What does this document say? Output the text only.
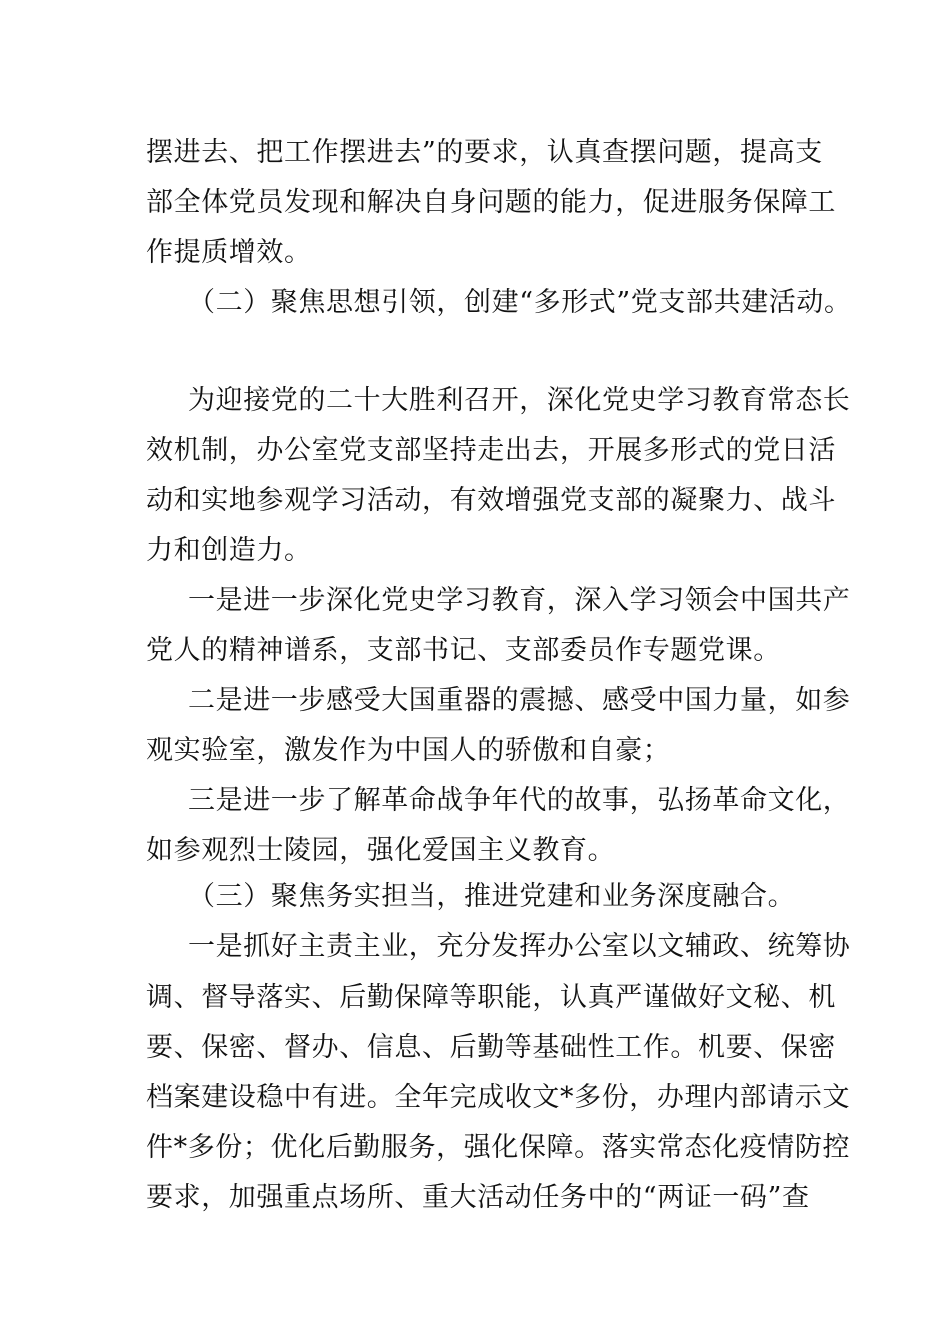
摆进去、把工作摆进去”的要求，认真查摆问题，提高支
部全体党员发现和解决自身问题的能力，促进服务保障工
作提质增效。
（二）聚焦思想引领，创建“多形式”党支部共建活动。
为迎接党的二十大胜利召开，深化党史学习教育常态长
效机制，办公室党支部坚持走出去，开展多形式的党日活
动和实地参观学习活动，有效增强党支部的凝聚力、战斗
力和创造力。
一是进一步深化党史学习教育，深入学习领会中国共产
党人的精神谱系，支部书记、支部委员作专题党课。
二是进一步感受大国重器的震撼、感受中国力量，如参
观实验室，激发作为中国人的骄傲和自豪；
三是进一步了解革命战争年代的故事，弘扬革命文化，
如参观烈士陵园，强化爱国主义教育。
（三）聚焦务实担当，推进党建和业务深度融合。
一是抓好主责主业，充分发挥办公室以文辅政、统筹协
调、督导落实、后勤保障等职能，认真严谨做好文秘、机
要、保密、督办、信息、后勤等基础性工作。机要、保密
档案建设稳中有进。全年完成收文*多份，办理内部请示文
件*多份；优化后勤服务，强化保障。落实常态化疫情防控
要求，加强重点场所、重大活动任务中的“两证一码”查
